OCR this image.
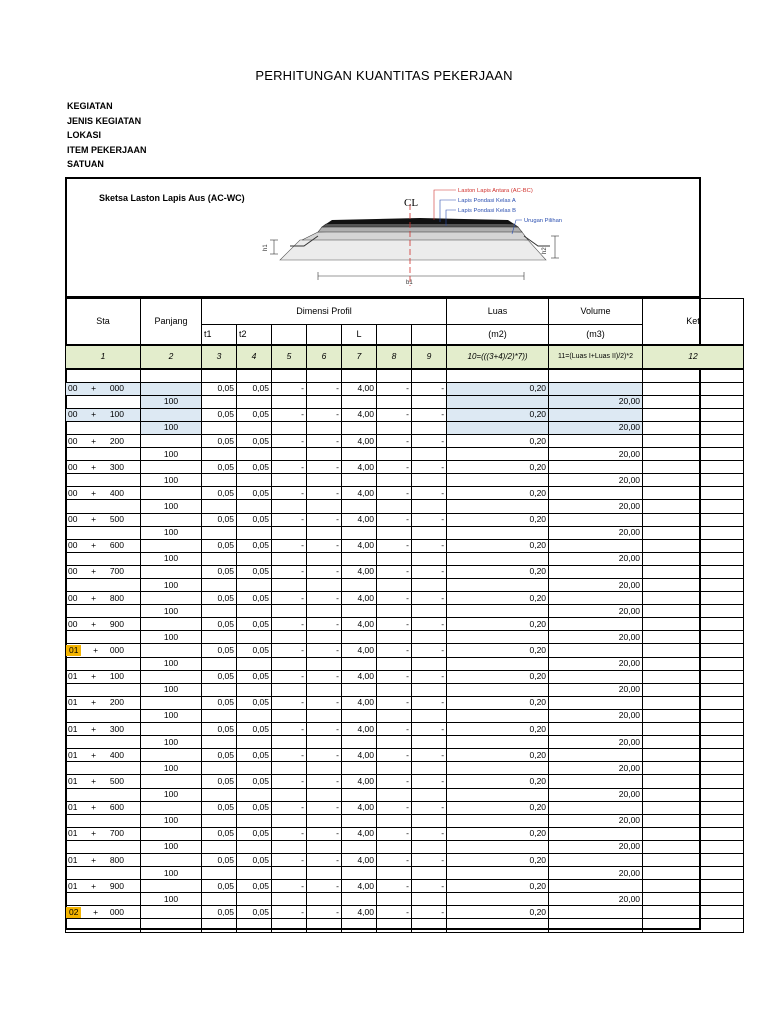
PERHITUNGAN KUANTITAS PEKERJAAN
KEGIATAN
JENIS KEGIATAN
LOKASI
ITEM PEKERJAAN
SATUAN
Sketsa Laston Lapis Aus (AC-WC)
h1	h2
b1
CL
Laston Lapis Antara (AC-BC)
Lapis Pondasi Kelas A
Lapis Pondasi Kelas B
Urugan Pilihan
Sta	Panjang	Dimensi Profil							Luas	Volume	Ket
		t1	t2			L			(m2)	(m3)	
1	2	3	4	5	6	7	8	9	10=(((3+4)/2)*7))	11=(Luas I+Luas II)/2)*2	12

00 + 000		0,05	0,05	-	-	4,00	-	-	0,20		
	100									20,00	

00 + 100		0,05	0,05	-	-	4,00	-	-	0,20		
	100									20,00	

00 + 200		0,05	0,05	-	-	4,00	-	-	0,20		
	100									20,00	

00 + 300		0,05	0,05	-	-	4,00	-	-	0,20		
	100									20,00	

00 + 400		0,05	0,05	-	-	4,00	-	-	0,20		
	100									20,00	

00 + 500		0,05	0,05	-	-	4,00	-	-	0,20		
	100									20,00	

00 + 600		0,05	0,05	-	-	4,00	-	-	0,20		
	100									20,00	

00 + 700		0,05	0,05	-	-	4,00	-	-	0,20		
	100									20,00	

00 + 800		0,05	0,05	-	-	4,00	-	-	0,20		
	100									20,00	

00 + 900		0,05	0,05	-	-	4,00	-	-	0,20		
	100									20,00	

01 + 000		0,05	0,05	-	-	4,00	-	-	0,20		
	100									20,00	

01 + 100		0,05	0,05	-	-	4,00	-	-	0,20		
	100									20,00	

01 + 200		0,05	0,05	-	-	4,00	-	-	0,20		
	100									20,00	

01 + 300		0,05	0,05	-	-	4,00	-	-	0,20		
	100									20,00	

01 + 400		0,05	0,05	-	-	4,00	-	-	0,20		
	100									20,00	

01 + 500		0,05	0,05	-	-	4,00	-	-	0,20		
	100									20,00	

01 + 600		0,05	0,05	-	-	4,00	-	-	0,20		
	100									20,00	

01 + 700		0,05	0,05	-	-	4,00	-	-	0,20		
	100									20,00	

01 + 800		0,05	0,05	-	-	4,00	-	-	0,20		
	100									20,00	

01 + 900		0,05	0,05	-	-	4,00	-	-	0,20		
	100									20,00	

02 + 000		0,05	0,05	-	-	4,00	-	-	0,20		
